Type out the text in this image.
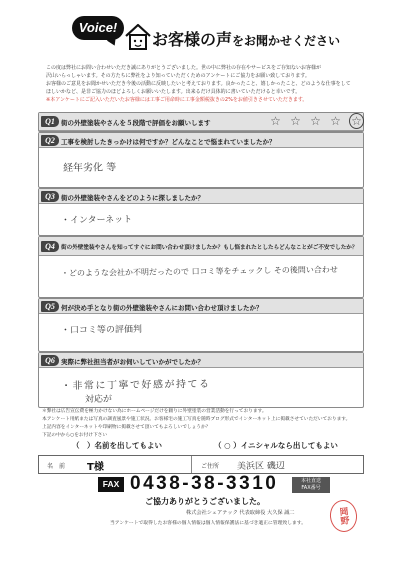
Voice!
お客様の声をお聞かせください
この度は弊社にお問い合わせいただき誠にありがとうございました。世の中に弊社の存在やサービスをご存知ないお客様が
沢山いらっしゃいます。その方たちに弊社をより知っていただくためのアンケートにご協力をお願い致しております。
お客様のご意見をお聞かせいただき今後の活動に反映したいと考えております。良かったこと、嬉しかったこと、どのような仕事をして
ほしいかなど、是非ご協力のほどよろしくお願いいたします。出来るだけ具体的に書いていただけると幸いです。
※本アンケートにご記入いただいたお客様には工事ご用命時に工事金額税抜きの2%をお値引きさせていただきます。
Q1 街の外壁塗装やさんを５段階で評価をお願いします	☆ ☆ ☆ ☆ ☆
Q2 工事を検討したきっかけは何ですか？どんなことで悩まれていましたか？
経年劣化 等
Q3 街の外壁塗装やさんをどのように探しましたか？
・インターネット
Q4	街の外壁塗装やさんを知ってすぐにお問い合わせ頂けましたか？もし悩まれたとしたらどんなことがご不安でしたか？
・どのような会社か不明だったので 口コミ等をチェックし その後問い合わせ
Q5 何が決め手となり街の外壁塗装やさんにお問い合わせ頂けましたか？
・口コミ等の評価判
Q6 実際に弊社担当者がお伺いしていかがでしたか？
・非常に丁寧で好感が持てる
対応が
＊弊社は広告宣伝費を極力かけない為にホームページだけを頼りに外壁塗装の営業活動を行っております。
本アンケート用紙または写真の調査風景や施工状況、お客様宅の施工写真を随時ブログ形式でインターネット上に掲載させていただいております。
上記内容をインターネットや印刷物に掲載させて頂いてもよろしいでしょうか？
下記の中から○をお付け下さい
（　）名前を出してもよい	（ ○ ）イニシャルなら出してもよい
名　前 T様	ご住所 美浜区 磯辺
FAX 0438-38-3310	本社直送
FAX番号
ご協力ありがとうございました。
株式会社シェアテック 代表取締役 大久保 誠二
当アンケートで取得したお客様の個人情報は個人情報保護法に基づき適正に管理致します。	岡野
